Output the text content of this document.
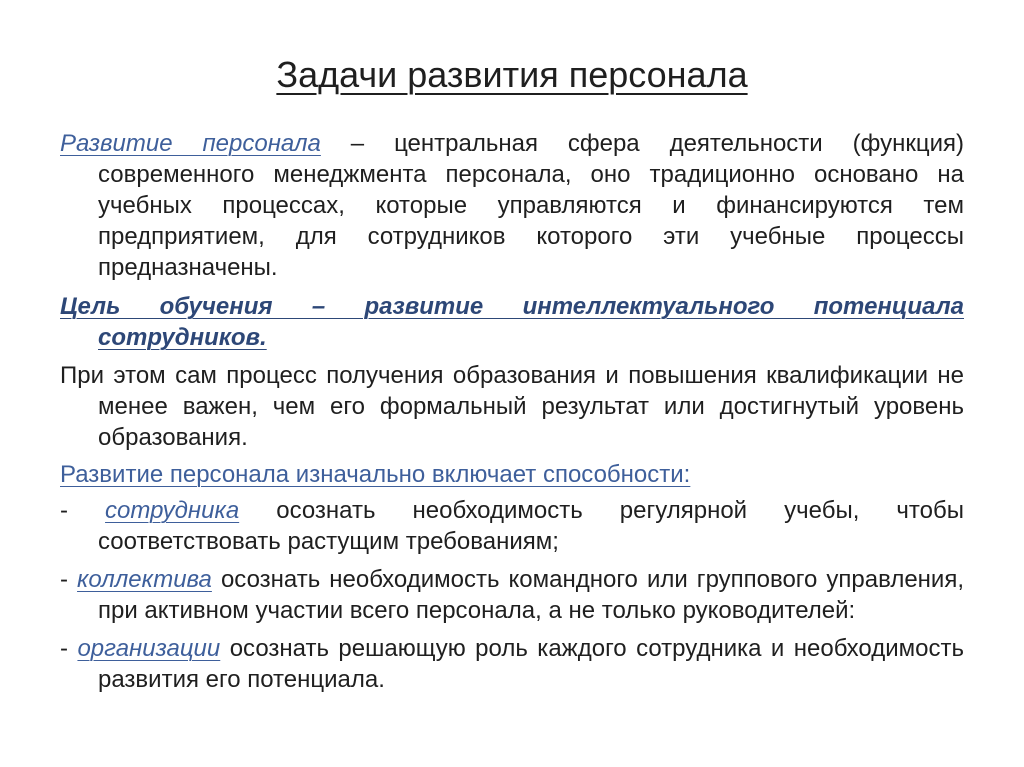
Задачи развития персонала

Развитие персонала – центральная сфера деятельности (функция) современного менеджмента персонала, оно традиционно основано на учебных процессах, которые управляются и финансируются тем предприятием, для сотрудников которого эти учебные процессы предназначены.

Цель обучения – развитие интеллектуального потенциала сотрудников.

При этом сам процесс получения образования и повышения квалификации не менее важен, чем его формальный результат или достигнутый уровень образования.

Развитие персонала изначально включает способности:

- сотрудника осознать необходимость регулярной учебы, чтобы соответствовать растущим требованиям;

- коллектива осознать необходимость командного или группового управления, при активном участии всего персонала, а не только руководителей:

- организации осознать решающую роль каждого сотрудника и необходимость развития его потенциала.
